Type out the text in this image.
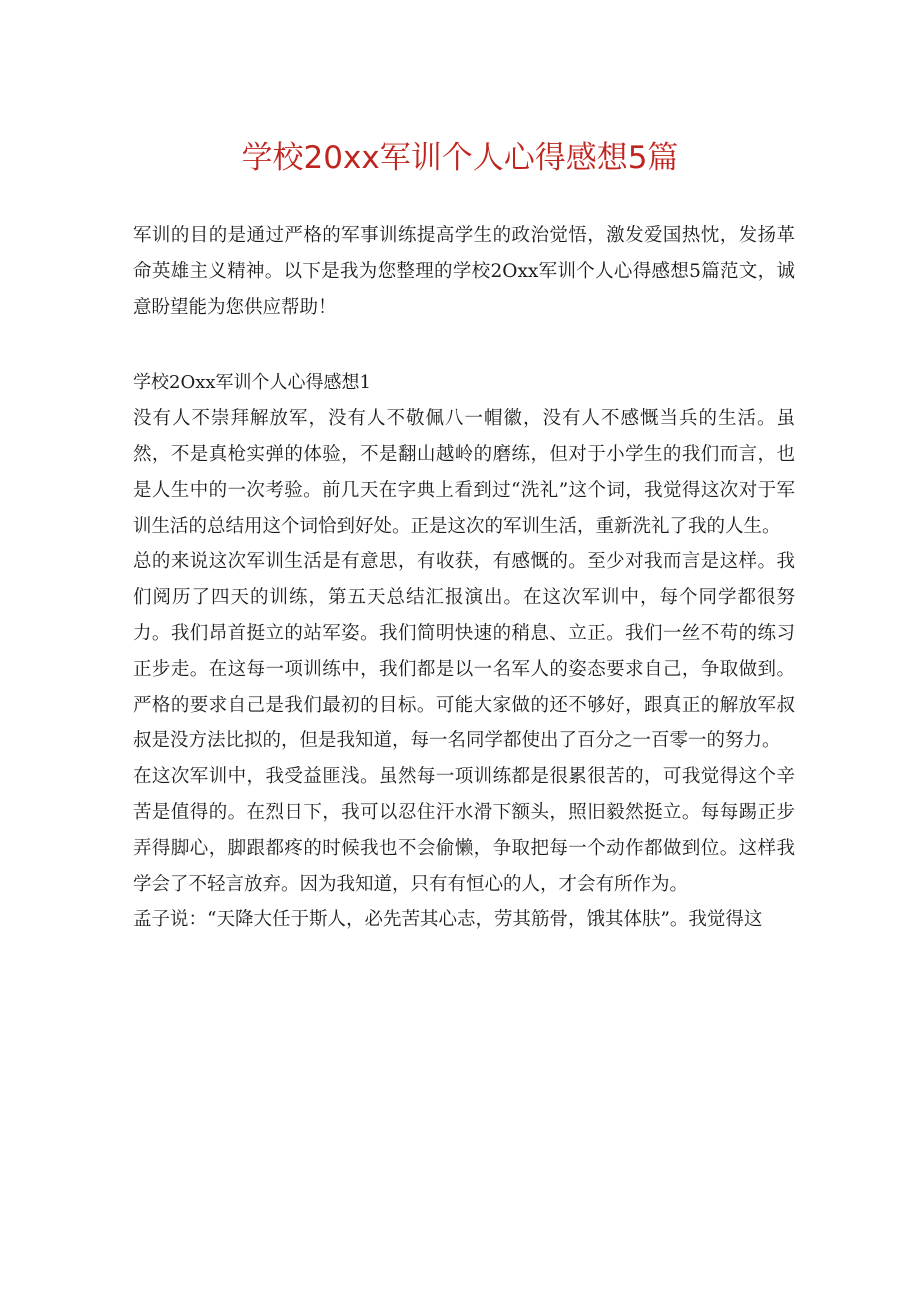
学校20xx军训个人心得感想5篇

军训的目的是通过严格的军事训练提高学生的政治觉悟，激发爱国热忱，发扬革命英雄主义精神。以下是我为您整理的学校2Oxx军训个人心得感想5篇范文，诚意盼望能为您供应帮助！

学校2Oxx军训个人心得感想1

没有人不崇拜解放军，没有人不敬佩八一帽徽，没有人不感慨当兵的生活。虽然，不是真枪实弹的体验，不是翻山越岭的磨练，但对于小学生的我们而言，也是人生中的一次考验。前几天在字典上看到过“洗礼”这个词，我觉得这次对于军训生活的总结用这个词恰到好处。正是这次的军训生活，重新洗礼了我的人生。

总的来说这次军训生活是有意思，有收获，有感慨的。至少对我而言是这样。我们阅历了四天的训练，第五天总结汇报演出。在这次军训中，每个同学都很努力。我们昂首挺立的站军姿。我们简明快速的稍息、立正。我们一丝不苟的练习正步走。在这每一项训练中，我们都是以一名军人的姿态要求自己，争取做到。严格的要求自己是我们最初的目标。可能大家做的还不够好，跟真正的解放军叔叔是没方法比拟的，但是我知道，每一名同学都使出了百分之一百零一的努力。

在这次军训中，我受益匪浅。虽然每一项训练都是很累很苦的，可我觉得这个辛苦是值得的。在烈日下，我可以忍住汗水滑下额头，照旧毅然挺立。每每踢正步弄得脚心，脚跟都疼的时候我也不会偷懒，争取把每一个动作都做到位。这样我学会了不轻言放弃。因为我知道，只有有恒心的人，才会有所作为。

孟子说：“天降大任于斯人，必先苦其心志，劳其筋骨，饿其体肤”。我觉得这
